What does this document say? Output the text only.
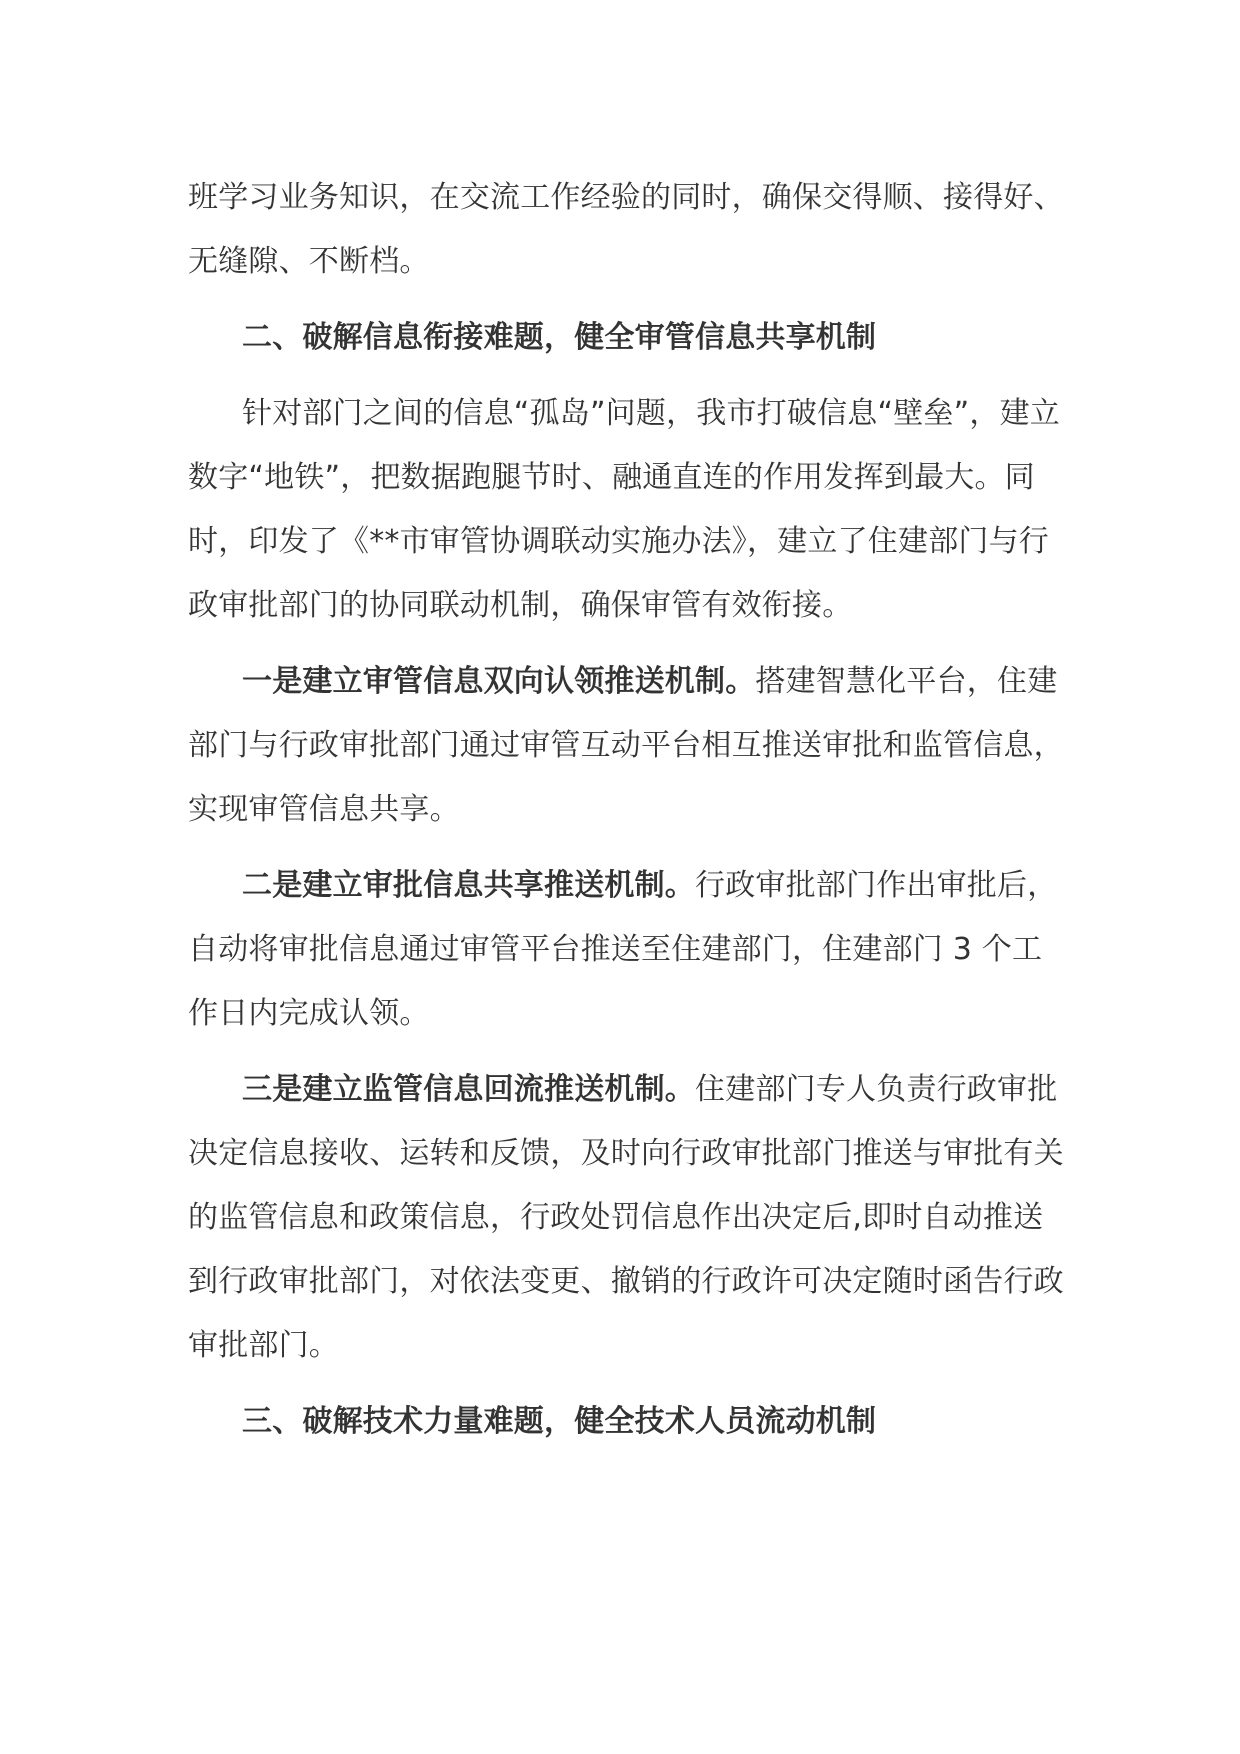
班学习业务知识，在交流工作经验的同时，确保交得顺、接得好、无缝隙、不断档。

二、破解信息衔接难题，健全审管信息共享机制

针对部门之间的信息“孤岛”问题，我市打破信息“壁垒”，建立数字“地铁”，把数据跑腿节时、融通直连的作用发挥到最大。同时，印发了《**市审管协调联动实施办法》，建立了住建部门与行政审批部门的协同联动机制，确保审管有效衔接。

一是建立审管信息双向认领推送机制。搭建智慧化平台，住建部门与行政审批部门通过审管互动平台相互推送审批和监管信息，实现审管信息共享。

二是建立审批信息共享推送机制。行政审批部门作出审批后，自动将审批信息通过审管平台推送至住建部门，住建部门 3 个工作日内完成认领。

三是建立监管信息回流推送机制。住建部门专人负责行政审批决定信息接收、运转和反馈，及时向行政审批部门推送与审批有关的监管信息和政策信息，行政处罚信息作出决定后,即时自动推送到行政审批部门，对依法变更、撤销的行政许可决定随时函告行政审批部门。

三、破解技术力量难题，健全技术人员流动机制
